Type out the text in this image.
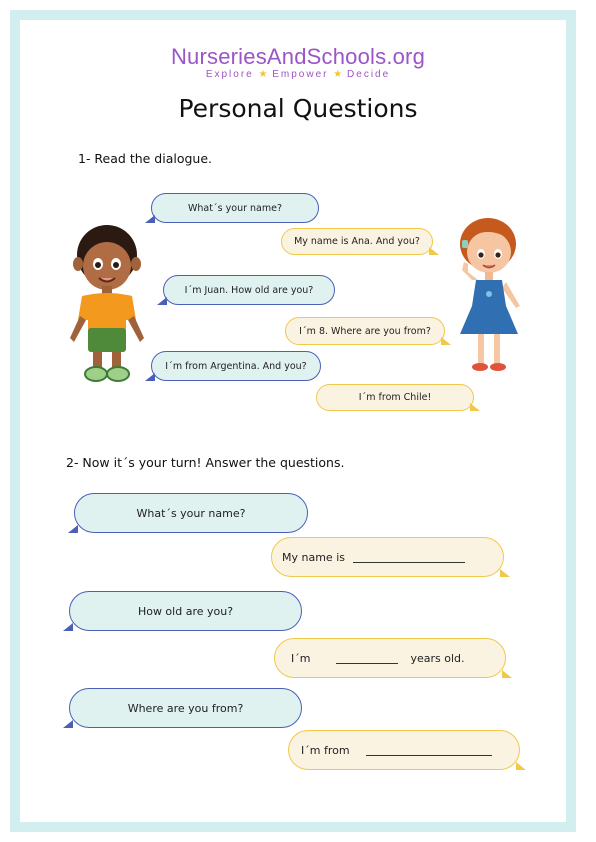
NurseriesAndSchools.org
Explore ★ Empower ★ Decide
Personal Questions
1- Read the dialogue.
What´s your name?
My name is Ana. And you?
I´m Juan. How old are you?
I´m 8. Where are you from?
I´m from Argentina. And you?
I´m from Chile!
2- Now it´s your turn! Answer the questions.
What´s your name?
My name is
How old are you?
I´m	years old.
Where are you from?
I´m from
